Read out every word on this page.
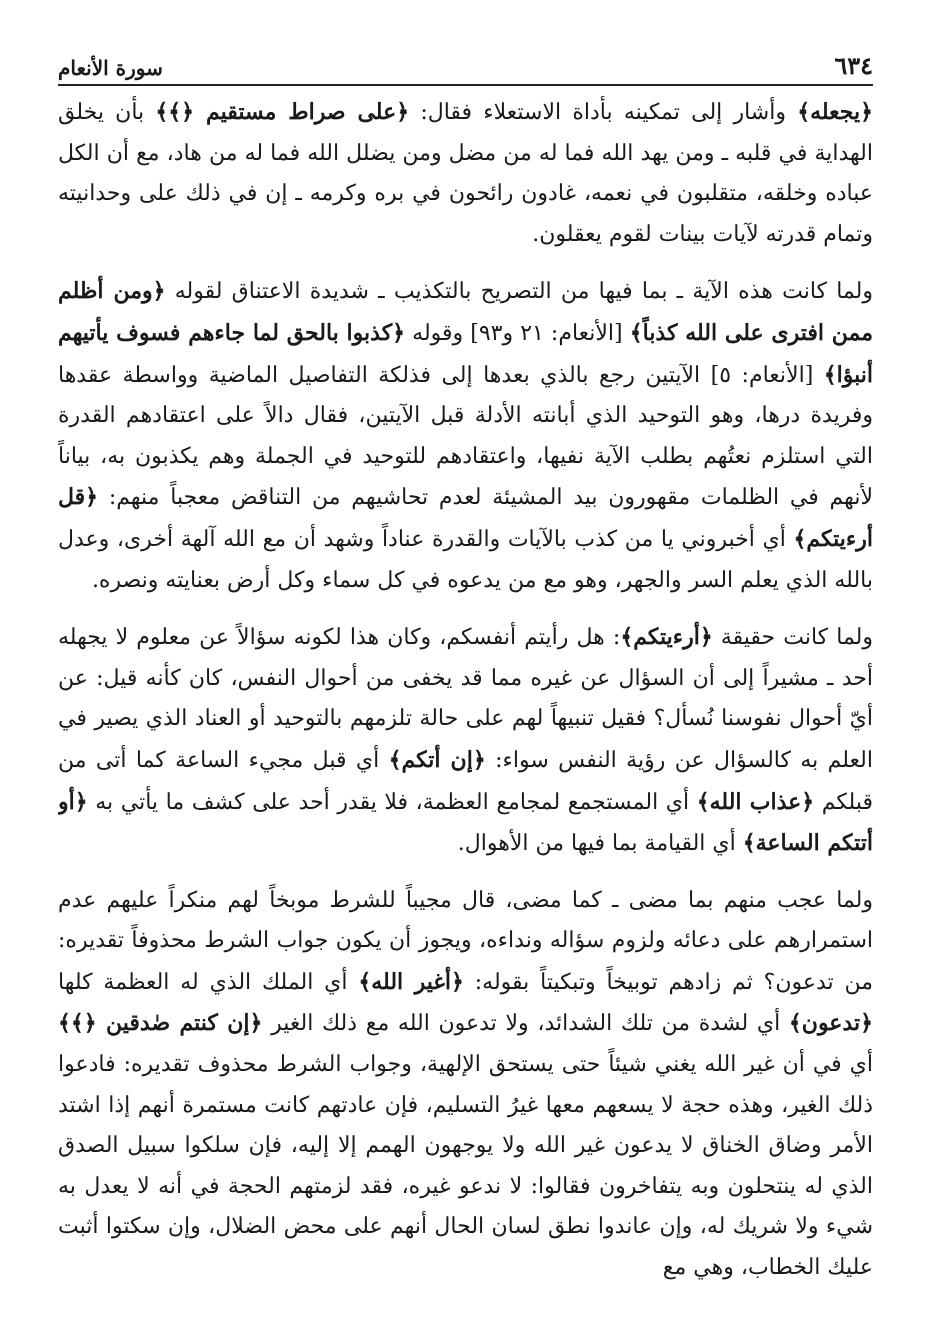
٦٣٤
سورة الأنعام

﴿يجعله﴾ وأشار إلى تمكينه بأداة الاستعلاء فقال: ﴿على صراط مستقيم ﴿﴾﴾ بأن يخلق الهداية في قلبه ـ ومن يهد الله فما له من مضل ومن يضلل الله فما له من هاد، مع أن الكل عباده وخلقه، متقلبون في نعمه، غادون رائحون في بره وكرمه ـ إن في ذلك على وحدانيته وتمام قدرته لآيات بينات لقوم يعقلون.

ولما كانت هذه الآية ـ بما فيها من التصريح بالتكذيب ـ شديدة الاعتناق لقوله ﴿ومن أظلم ممن افترى على الله كذباً﴾ [الأنعام: ٢١ و٩٣] وقوله ﴿كذبوا بالحق لما جاءهم فسوف يأتيهم أنبؤا﴾ [الأنعام: ٥] الآيتين رجع بالذي بعدها إلى فذلكة التفاصيل الماضية وواسطة عقدها وفريدة درها، وهو التوحيد الذي أبانته الأدلة قبل الآيتين، فقال دالاً على اعتقادهم القدرة التي استلزم نعتُهم بطلب الآية نفيها، واعتقادهم للتوحيد في الجملة وهم يكذبون به، بياناً لأنهم في الظلمات مقهورون بيد المشيئة لعدم تحاشيهم من التناقض معجباً منهم: ﴿قل أرءيتكم﴾ أي أخبروني يا من كذب بالآيات والقدرة عناداً وشهد أن مع الله آلهة أخرى، وعدل بالله الذي يعلم السر والجهر، وهو مع من يدعوه في كل سماء وكل أرض بعنايته ونصره.

ولما كانت حقيقة ﴿أرءيتكم﴾: هل رأيتم أنفسكم، وكان هذا لكونه سؤالاً عن معلوم لا يجهله أحد ـ مشيراً إلى أن السؤال عن غيره مما قد يخفى من أحوال النفس، كان كأنه قيل: عن أيّ أحوال نفوسنا نُسأل؟ فقيل تنبيهاً لهم على حالة تلزمهم بالتوحيد أو العناد الذي يصير في العلم به كالسؤال عن رؤية النفس سواء: ﴿إن أتكم﴾ أي قبل مجيء الساعة كما أتى من قبلكم ﴿عذاب الله﴾ أي المستجمع لمجامع العظمة، فلا يقدر أحد على كشف ما يأتي به ﴿أو أتتكم الساعة﴾ أي القيامة بما فيها من الأهوال.

ولما عجب منهم بما مضى ـ كما مضى، قال مجيباً للشرط موبخاً لهم منكراً عليهم عدم استمرارهم على دعائه ولزوم سؤاله ونداءه، ويجوز أن يكون جواب الشرط محذوفاً تقديره: من تدعون؟ ثم زادهم توبيخاً وتبكيتاً بقوله: ﴿أغير الله﴾ أي الملك الذي له العظمة كلها ﴿تدعون﴾ أي لشدة من تلك الشدائد، ولا تدعون الله مع ذلك الغير ﴿إن كنتم صٰدقين ﴿﴾﴾ أي في أن غير الله يغني شيئاً حتى يستحق الإلهية، وجواب الشرط محذوف تقديره: فادعوا ذلك الغير، وهذه حجة لا يسعهم معها غيرُ التسليم، فإن عادتهم كانت مستمرة أنهم إذا اشتد الأمر وضاق الخناق لا يدعون غير الله ولا يوجهون الهمم إلا إليه، فإن سلكوا سبيل الصدق الذي له ينتحلون وبه يتفاخرون فقالوا: لا ندعو غيره، فقد لزمتهم الحجة في أنه لا يعدل به شيء ولا شريك له، وإن عاندوا نطق لسان الحال أنهم على محض الضلال، وإن سكتوا أثبت عليك الخطاب، وهي مع
